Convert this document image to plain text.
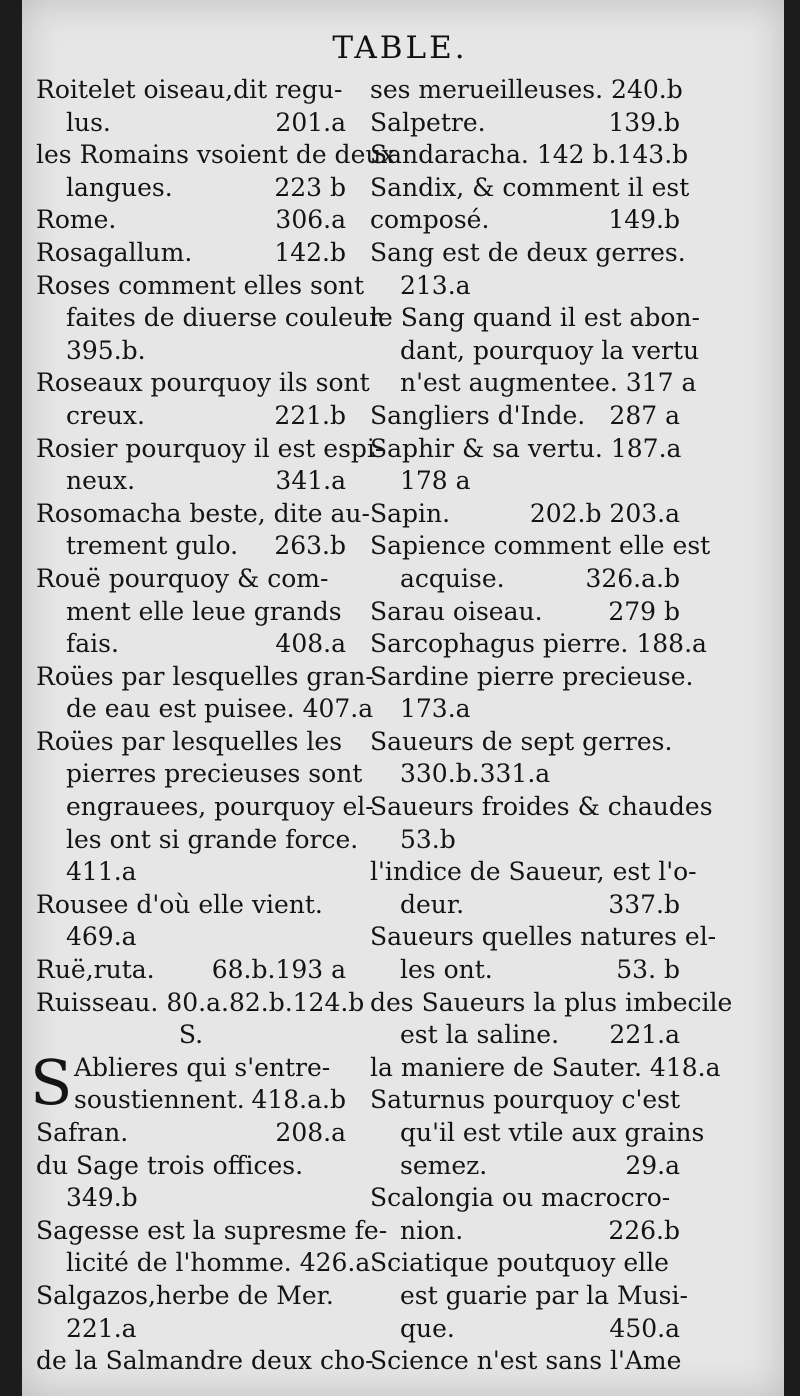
TABLE.
Roitelet oiseau,dit regu-
lus.	201.a
les Romains vsoient de deux
langues.	223 b
Rome.	306.a
Rosagallum.	142.b
Roses comment elles sont
faites de diuerse couleur.
395.b.
Roseaux pourquoy ils sont
creux.	221.b
Rosier pourquoy il est espi-
neux.	341.a
Rosomacha beste, dite au-
trement gulo.	263.b
Rouë pourquoy & com-
ment elle leue grands
fais.	408.a
Roües par lesquelles gran-
de eau est puisee. 407.a
Roües par lesquelles les
pierres precieuses sont
engrauees, pourquoy el-
les ont si grande force.
411.a
Rousee d'où elle vient.
469.a
Ruë,ruta.	68.b.193 a
Ruisseau. 80.a.82.b.124.b
S.
S Ablieres qui s'entre-
soustiennent. 418.a.b
Safran.	208.a
du Sage trois offices.
349.b
Sagesse est la supresme fe-
licité de l'homme. 426.a
Salgazos,herbe de Mer.
221.a
de la Salmandre deux cho-
ses merueilleuses. 240.b
Salpetre.	139.b
Sandaracha. 142 b.143.b
Sandix, & comment il est
composé.	149.b
Sang est de deux gerres.
213.a
le Sang quand il est abon-
dant, pourquoy la vertu
n'est augmentee. 317 a
Sangliers d'Inde. 287 a
Saphir & sa vertu. 187.a
178 a
Sapin.	202.b 203.a
Sapience comment elle est
acquise.	326.a.b
Sarau oiseau.	279 b
Sarcophagus pierre. 188.a
Sardine pierre precieuse.
173.a
Saueurs de sept gerres.
330.b.331.a
Saueurs froides & chaudes
53.b
l'indice de Saueur, est l'o-
deur.	337.b
Saueurs quelles natures el-
les ont.	53. b
des Saueurs la plus imbecile
est la saline.	221.a
la maniere de Sauter. 418.a
Saturnus pourquoy c'est
qu'il est vtile aux grains
semez.	29.a
Scalongia ou macrocro-
nion.	226.b
Sciatique poutquoy elle
est guarie par la Musi-
que.	450.a
Science n'est sans l'Ame
